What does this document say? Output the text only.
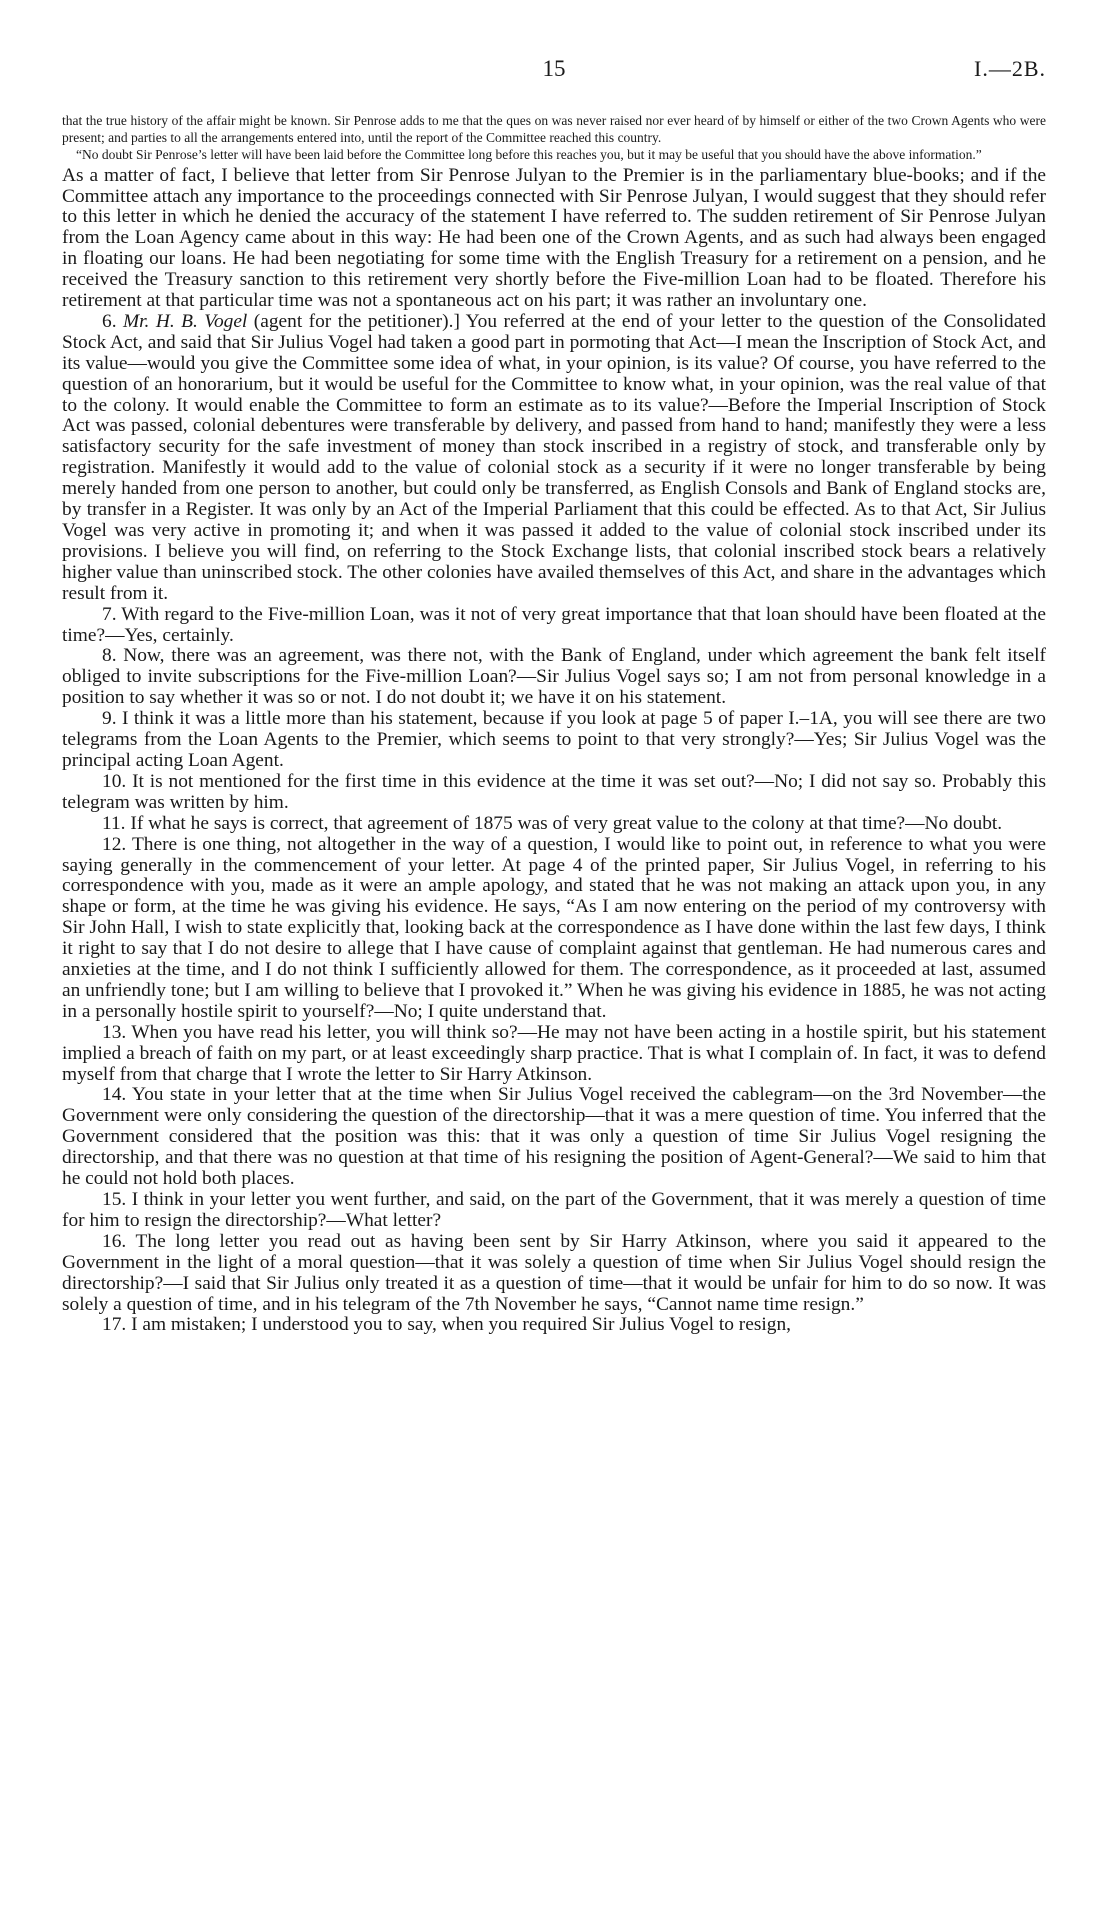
15	I.—2B.

that the true history of the affair might be known. Sir Penrose adds to me that the ques on was never raised nor ever heard of by himself or either of the two Crown Agents who were present; and parties to all the arrangements entered into, until the report of the Committee reached this country.

“No doubt Sir Penrose’s letter will have been laid before the Committee long before this reaches you, but it may be useful that you should have the above information.”

As a matter of fact, I believe that letter from Sir Penrose Julyan to the Premier is in the parliamentary blue-books; and if the Committee attach any importance to the proceedings connected with Sir Penrose Julyan, I would suggest that they should refer to this letter in which he denied the accuracy of the statement I have referred to. The sudden retirement of Sir Penrose Julyan from the Loan Agency came about in this way: He had been one of the Crown Agents, and as such had always been engaged in floating our loans. He had been negotiating for some time with the English Treasury for a retirement on a pension, and he received the Treasury sanction to this retirement very shortly before the Five-million Loan had to be floated. Therefore his retirement at that particular time was not a spontaneous act on his part; it was rather an involuntary one.

6. Mr. H. B. Vogel (agent for the petitioner).] You referred at the end of your letter to the question of the Consolidated Stock Act, and said that Sir Julius Vogel had taken a good part in pormoting that Act—I mean the Inscription of Stock Act, and its value—would you give the Committee some idea of what, in your opinion, is its value? Of course, you have referred to the question of an honorarium, but it would be useful for the Committee to know what, in your opinion, was the real value of that to the colony. It would enable the Committee to form an estimate as to its value?—Before the Imperial Inscription of Stock Act was passed, colonial debentures were transferable by delivery, and passed from hand to hand; manifestly they were a less satisfactory security for the safe investment of money than stock inscribed in a registry of stock, and transferable only by registration. Manifestly it would add to the value of colonial stock as a security if it were no longer transferable by being merely handed from one person to another, but could only be transferred, as English Consols and Bank of England stocks are, by transfer in a Register. It was only by an Act of the Imperial Parliament that this could be effected. As to that Act, Sir Julius Vogel was very active in promoting it; and when it was passed it added to the value of colonial stock inscribed under its provisions. I believe you will find, on referring to the Stock Exchange lists, that colonial inscribed stock bears a relatively higher value than uninscribed stock. The other colonies have availed themselves of this Act, and share in the advantages which result from it.

7. With regard to the Five-million Loan, was it not of very great importance that that loan should have been floated at the time?—Yes, certainly.

8. Now, there was an agreement, was there not, with the Bank of England, under which agreement the bank felt itself obliged to invite subscriptions for the Five-million Loan?—Sir Julius Vogel says so; I am not from personal knowledge in a position to say whether it was so or not. I do not doubt it; we have it on his statement.

9. I think it was a little more than his statement, because if you look at page 5 of paper I.–1A, you will see there are two telegrams from the Loan Agents to the Premier, which seems to point to that very strongly?—Yes; Sir Julius Vogel was the principal acting Loan Agent.

10. It is not mentioned for the first time in this evidence at the time it was set out?—No; I did not say so. Probably this telegram was written by him.

11. If what he says is correct, that agreement of 1875 was of very great value to the colony at that time?—No doubt.

12. There is one thing, not altogether in the way of a question, I would like to point out, in reference to what you were saying generally in the commencement of your letter. At page 4 of the printed paper, Sir Julius Vogel, in referring to his correspondence with you, made as it were an ample apology, and stated that he was not making an attack upon you, in any shape or form, at the time he was giving his evidence. He says, “As I am now entering on the period of my controversy with Sir John Hall, I wish to state explicitly that, looking back at the correspondence as I have done within the last few days, I think it right to say that I do not desire to allege that I have cause of complaint against that gentleman. He had numerous cares and anxieties at the time, and I do not think I sufficiently allowed for them. The correspondence, as it proceeded at last, assumed an unfriendly tone; but I am willing to believe that I provoked it.” When he was giving his evidence in 1885, he was not acting in a personally hostile spirit to yourself?—No; I quite understand that.

13. When you have read his letter, you will think so?—He may not have been acting in a hostile spirit, but his statement implied a breach of faith on my part, or at least exceedingly sharp practice. That is what I complain of. In fact, it was to defend myself from that charge that I wrote the letter to Sir Harry Atkinson.

14. You state in your letter that at the time when Sir Julius Vogel received the cablegram—on the 3rd November—the Government were only considering the question of the directorship—that it was a mere question of time. You inferred that the Government considered that the position was this: that it was only a question of time Sir Julius Vogel resigning the directorship, and that there was no question at that time of his resigning the position of Agent-General?—We said to him that he could not hold both places.

15. I think in your letter you went further, and said, on the part of the Government, that it was merely a question of time for him to resign the directorship?—What letter?

16. The long letter you read out as having been sent by Sir Harry Atkinson, where you said it appeared to the Government in the light of a moral question—that it was solely a question of time when Sir Julius Vogel should resign the directorship?—I said that Sir Julius only treated it as a question of time—that it would be unfair for him to do so now. It was solely a question of time, and in his telegram of the 7th November he says, “Cannot name time resign.”

17. I am mistaken; I understood you to say, when you required Sir Julius Vogel to resign,
